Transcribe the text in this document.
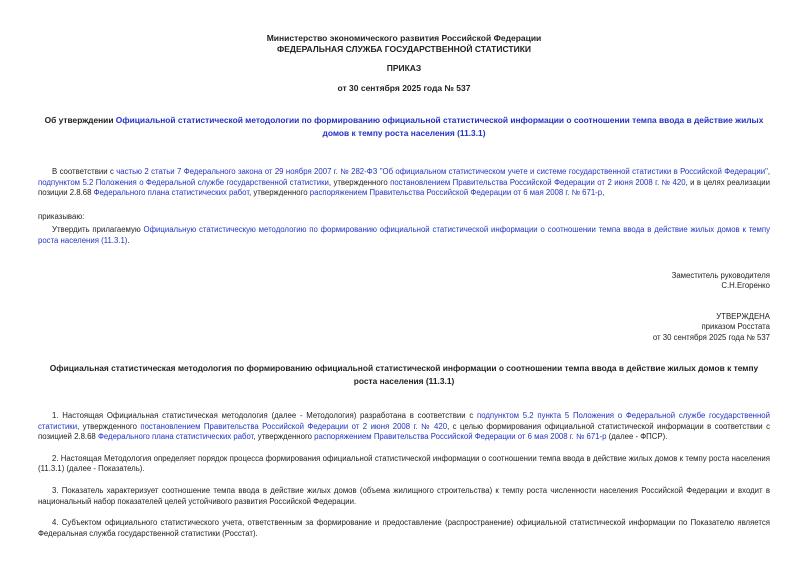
Министерство экономического развития Российской Федерации
ФЕДЕРАЛЬНАЯ СЛУЖБА ГОСУДАРСТВЕННОЙ СТАТИСТИКИ
ПРИКАЗ
от 30 сентября 2025 года № 537
Об утверждении Официальной статистической методологии по формированию официальной статистической информации о соотношении темпа ввода в действие жилых домов к темпу роста населения (11.3.1)
В соответствии с частью 2 статьи 7 Федерального закона от 29 ноября 2007 г. № 282-ФЗ "Об официальном статистическом учете и системе государственной статистики в Российской Федерации", подпунктом 5.2 Положения о Федеральной службе государственной статистики, утвержденного постановлением Правительства Российской Федерации от 2 июня 2008 г. № 420, и в целях реализации позиции 2.8.68 Федерального плана статистических работ, утвержденного распоряжением Правительства Российской Федерации от 6 мая 2008 г. № 671-р,
приказываю:
Утвердить прилагаемую Официальную статистическую методологию по формированию официальной статистической информации о соотношении темпа ввода в действие жилых домов к темпу роста населения (11.3.1).
Заместитель руководителя
С.Н.Егоренко
УТВЕРЖДЕНА
приказом Росстата
от 30 сентября 2025 года № 537
Официальная статистическая методология по формированию официальной статистической информации о соотношении темпа ввода в действие жилых домов к темпу роста населения (11.3.1)
1. Настоящая Официальная статистическая методология (далее - Методология) разработана в соответствии с подпунктом 5.2 пункта 5 Положения о Федеральной службе государственной статистики, утвержденного постановлением Правительства Российской Федерации от 2 июня 2008 г. № 420, с целью формирования официальной статистической информации в соответствии с позицией 2.8.68 Федерального плана статистических работ, утвержденного распоряжением Правительства Российской Федерации от 6 мая 2008 г. № 671-р (далее - ФПСР).
2. Настоящая Методология определяет порядок процесса формирования официальной статистической информации о соотношении темпа ввода в действие жилых домов к темпу роста населения (11.3.1) (далее - Показатель).
3. Показатель характеризует соотношение темпа ввода в действие жилых домов (объема жилищного строительства) к темпу роста численности населения Российской Федерации и входит в национальный набор показателей целей устойчивого развития Российской Федерации.
4. Субъектом официального статистического учета, ответственным за формирование и предоставление (распространение) официальной статистической информации по Показателю является Федеральная служба государственной статистики (Росстат).
